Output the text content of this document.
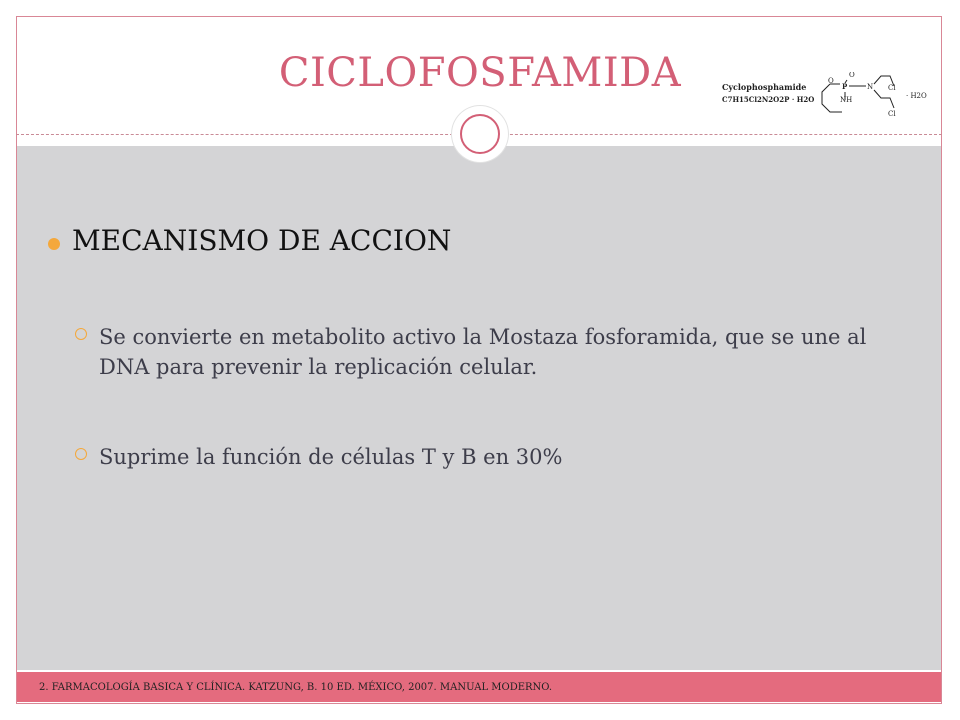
CICLOFOSFAMIDA	Cyclophosphamide
C7H15Cl2N2O2P · H2O
O
P
O
NH
N Cl
Cl
· H2O
MECANISMO DE ACCION
Se convierte en metabolito activo la Mostaza fosforamida, que se une al DNA para prevenir la replicación celular.
Suprime la función de células T y B en 30%
2. FARMACOLOGÍA BASICA Y CLÍNICA. KATZUNG, B. 10 ED. MÉXICO, 2007. MANUAL MODERNO.
